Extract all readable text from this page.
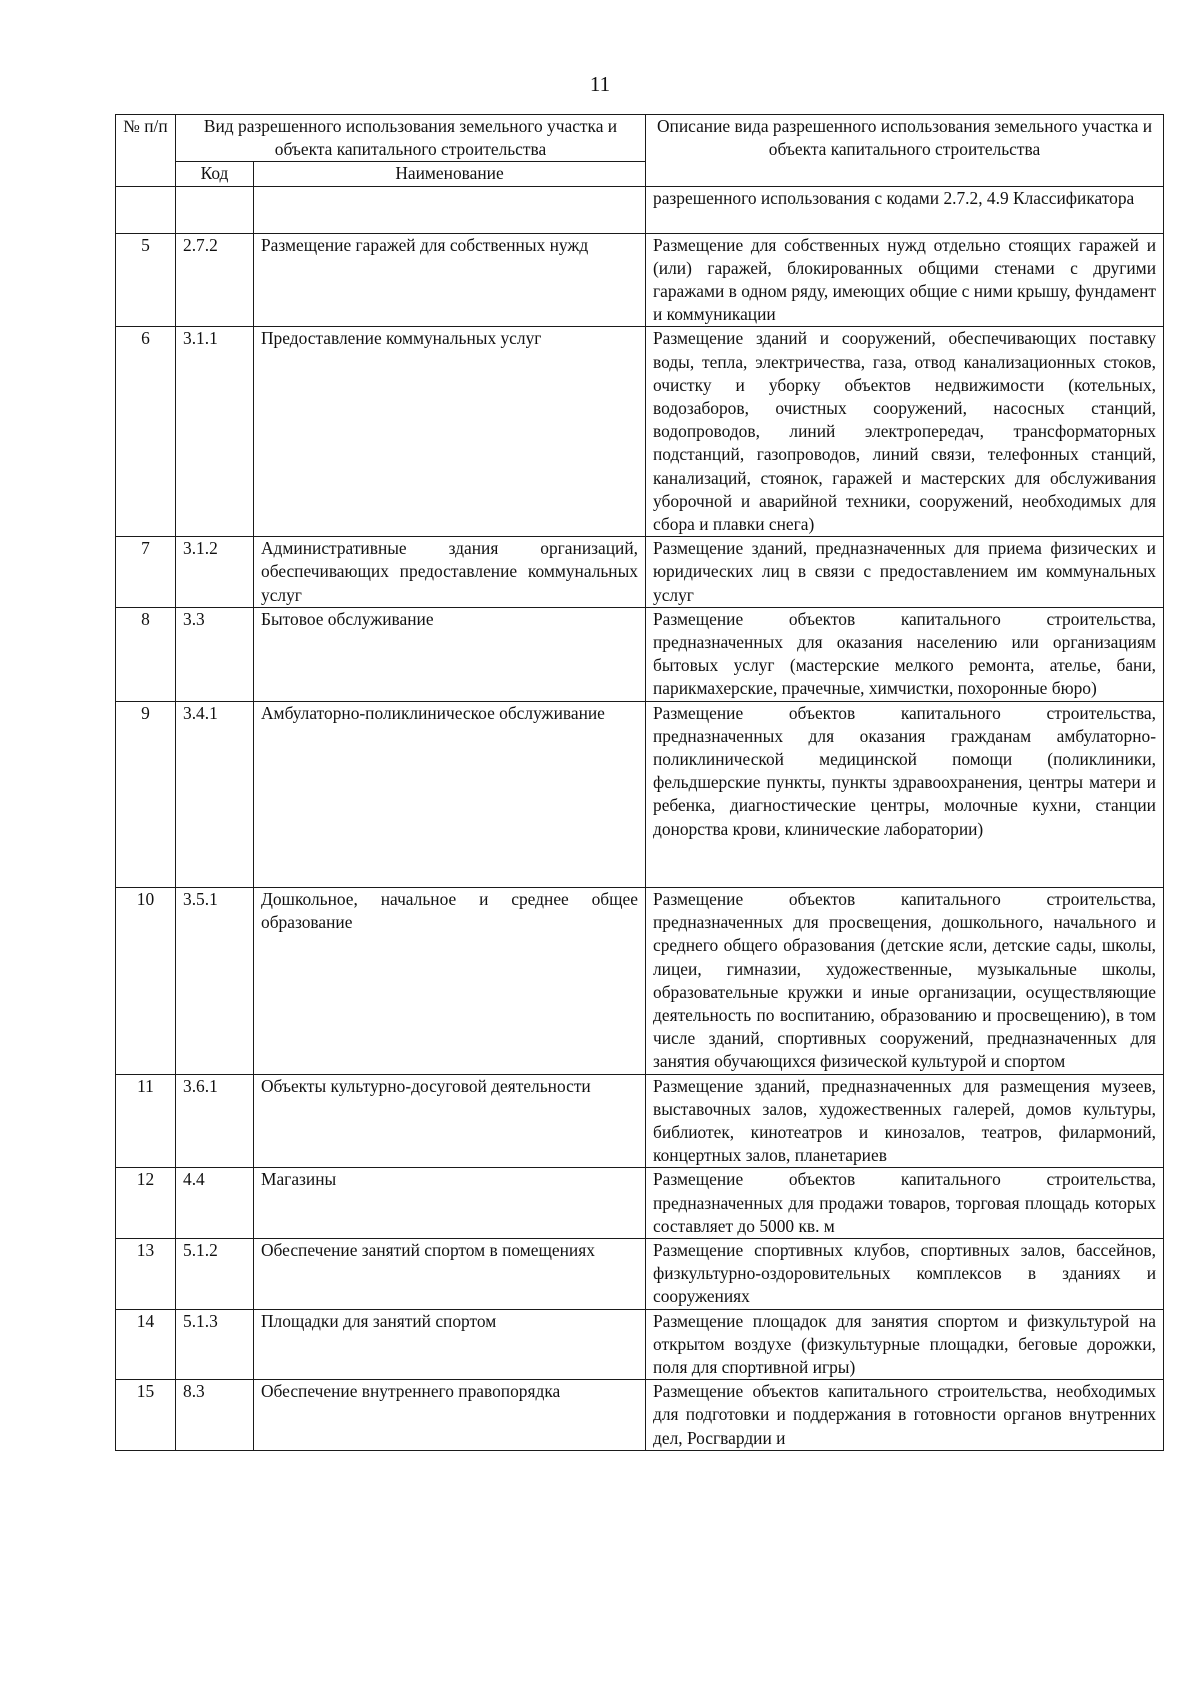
11
№ п/п	Вид разрешенного использования земельного участка и объекта капитального строительства		Описание вида разрешенного использования земельного участка и объекта капитального строительства
	Код	Наименование	
			разрешенного использования с кодами 2.7.2, 4.9 Классификатора
5	2.7.2	Размещение гаражей для собственных нужд	Размещение для собственных нужд отдельно стоящих гаражей и (или) гаражей, блокированных общими стенами с другими гаражами в одном ряду, имеющих общие с ними крышу, фундамент и коммуникации
6	3.1.1	Предоставление коммунальных услуг	Размещение зданий и сооружений, обеспечивающих поставку воды, тепла, электричества, газа, отвод канализационных стоков, очистку и уборку объектов недвижимости (котельных, водозаборов, очистных сооружений, насосных станций, водопроводов, линий электропередач, трансформаторных подстанций, газопроводов, линий связи, телефонных станций, канализаций, стоянок, гаражей и мастерских для обслуживания уборочной и аварийной техники, сооружений, необходимых для сбора и плавки снега)
7	3.1.2	Административные здания организаций, обеспечивающих предоставление коммунальных услуг	Размещение зданий, предназначенных для приема физических и юридических лиц в связи с предоставлением им коммунальных услуг
8	3.3	Бытовое обслуживание	Размещение объектов капитального строительства, предназначенных для оказания населению или организациям бытовых услуг (мастерские мелкого ремонта, ателье, бани, парикмахерские, прачечные, химчистки, похоронные бюро)
9	3.4.1	Амбулаторно-поликлиническое обслуживание	Размещение объектов капитального строительства, предназначенных для оказания гражданам амбулаторно-поликлинической медицинской помощи (поликлиники, фельдшерские пункты, пункты здравоохранения, центры матери и ребенка, диагностические центры, молочные кухни, станции донорства крови, клинические лаборатории)
10	3.5.1	Дошкольное, начальное и среднее общее образование	Размещение объектов капитального строительства, предназначенных для просвещения, дошкольного, начального и среднего общего образования (детские ясли, детские сады, школы, лицеи, гимназии, художественные, музыкальные школы, образовательные кружки и иные организации, осуществляющие деятельность по воспитанию, образованию и просвещению), в том числе зданий, спортивных сооружений, предназначенных для занятия обучающихся физической культурой и спортом
11	3.6.1	Объекты культурно-досуговой деятельности	Размещение зданий, предназначенных для размещения музеев, выставочных залов, художественных галерей, домов культуры, библиотек, кинотеатров и кинозалов, театров, филармоний, концертных залов, планетариев
12	4.4	Магазины	Размещение объектов капитального строительства, предназначенных для продажи товаров, торговая площадь которых составляет до 5000 кв. м
13	5.1.2	Обеспечение занятий спортом в помещениях	Размещение спортивных клубов, спортивных залов, бассейнов, физкультурно-оздоровительных комплексов в зданиях и сооружениях
14	5.1.3	Площадки для занятий спортом	Размещение площадок для занятия спортом и физкультурой на открытом воздухе (физкультурные площадки, беговые дорожки, поля для спортивной игры)
15	8.3	Обеспечение внутреннего правопорядка	Размещение объектов капитального строительства, необходимых для подготовки и поддержания в готовности органов внутренних дел, Росгвардии и
